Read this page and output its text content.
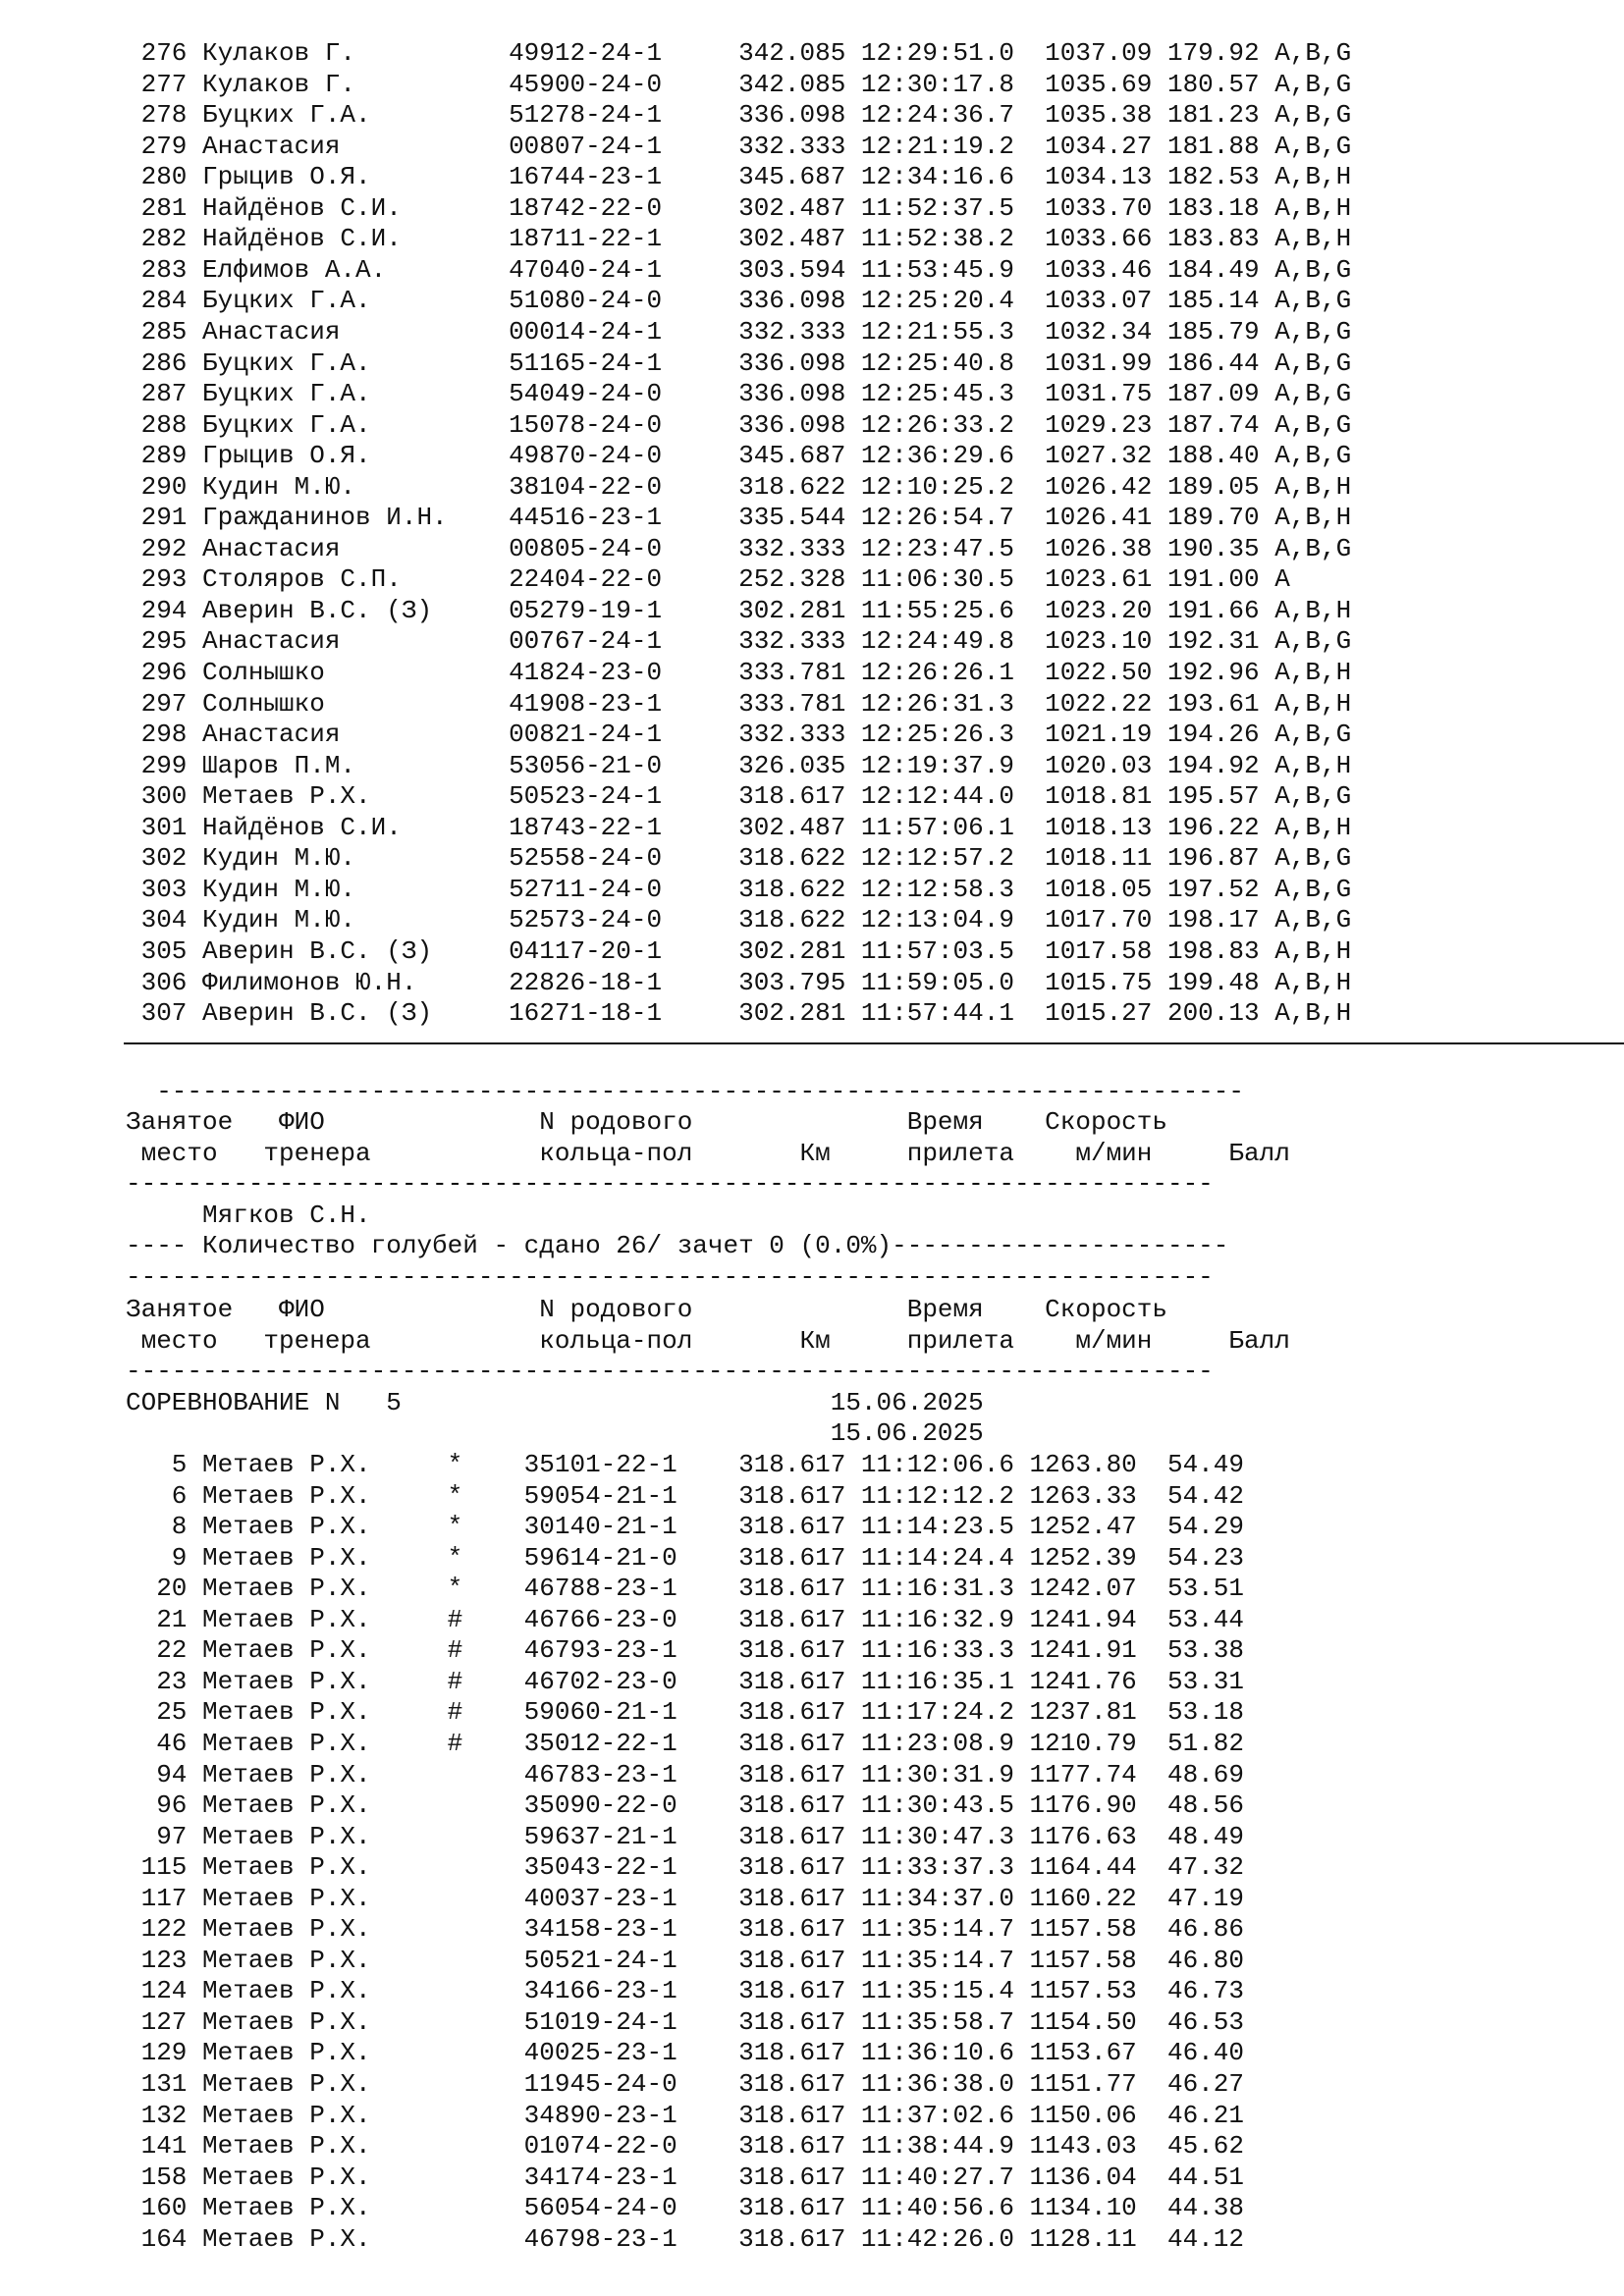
276 Кулаков Г.          49912-24-1     342.085 12:29:51.0  1037.09 179.92 A,B,G
277 Кулаков Г.          45900-24-0     342.085 12:30:17.8  1035.69 180.57 A,B,G
278 Буцких Г.А.         51278-24-1     336.098 12:24:36.7  1035.38 181.23 A,B,G
279 Анастасия           00807-24-1     332.333 12:21:19.2  1034.27 181.88 A,B,G
280 Грыцив О.Я.         16744-23-1     345.687 12:34:16.6  1034.13 182.53 A,B,H
281 Найдёнов С.И.       18742-22-0     302.487 11:52:37.5  1033.70 183.18 A,B,H
282 Найдёнов С.И.       18711-22-1     302.487 11:52:38.2  1033.66 183.83 A,B,H
283 Елфимов А.А.        47040-24-1     303.594 11:53:45.9  1033.46 184.49 A,B,G
284 Буцких Г.А.         51080-24-0     336.098 12:25:20.4  1033.07 185.14 A,B,G
285 Анастасия           00014-24-1     332.333 12:21:55.3  1032.34 185.79 A,B,G
286 Буцких Г.А.         51165-24-1     336.098 12:25:40.8  1031.99 186.44 A,B,G
287 Буцких Г.А.         54049-24-0     336.098 12:25:45.3  1031.75 187.09 A,B,G
288 Буцких Г.А.         15078-24-0     336.098 12:26:33.2  1029.23 187.74 A,B,G
289 Грыцив О.Я.         49870-24-0     345.687 12:36:29.6  1027.32 188.40 A,B,G
290 Кудин М.Ю.          38104-22-0     318.622 12:10:25.2  1026.42 189.05 A,B,H
291 Гражданинов И.Н.    44516-23-1     335.544 12:26:54.7  1026.41 189.70 A,B,H
292 Анастасия           00805-24-0     332.333 12:23:47.5  1026.38 190.35 A,B,G
293 Столяров С.П.       22404-22-0     252.328 11:06:30.5  1023.61 191.00 A
294 Аверин В.С. (З)     05279-19-1     302.281 11:55:25.6  1023.20 191.66 A,B,H
295 Анастасия           00767-24-1     332.333 12:24:49.8  1023.10 192.31 A,B,G
296 Солнышко            41824-23-0     333.781 12:26:26.1  1022.50 192.96 A,B,H
297 Солнышко            41908-23-1     333.781 12:26:31.3  1022.22 193.61 A,B,H
298 Анастасия           00821-24-1     332.333 12:25:26.3  1021.19 194.26 A,B,G
299 Шаров П.М.          53056-21-0     326.035 12:19:37.9  1020.03 194.92 A,B,H
300 Метаев Р.Х.         50523-24-1     318.617 12:12:44.0  1018.81 195.57 A,B,G
301 Найдёнов С.И.       18743-22-1     302.487 11:57:06.1  1018.13 196.22 A,B,H
302 Кудин М.Ю.          52558-24-0     318.622 12:12:57.2  1018.11 196.87 A,B,G
303 Кудин М.Ю.          52711-24-0     318.622 12:12:58.3  1018.05 197.52 A,B,G
304 Кудин М.Ю.          52573-24-0     318.622 12:13:04.9  1017.70 198.17 A,B,G
305 Аверин В.С. (З)     04117-20-1     302.281 11:57:03.5  1017.58 198.83 A,B,H
306 Филимонов Ю.Н.      22826-18-1     303.795 11:59:05.0  1015.75 199.48 A,B,H
307 Аверин В.С. (З)     16271-18-1     302.281 11:57:44.1  1015.27 200.13 A,B,H
-----------------------------------------------------------------------
Занятое   ФИО              N родового              Время    Скорость
место   тренера           кольца-пол       Км     прилета    м/мин     Балл
-----------------------------------------------------------------------
Мягков С.Н.
---- Количество голубей - сдано 26/ зачет 0 (0.0%)----------------------
-----------------------------------------------------------------------
Занятое   ФИО              N родового              Время    Скорость
место   тренера           кольца-пол       Км     прилета    м/мин     Балл
-----------------------------------------------------------------------
СОРЕВНОВАНИЕ N   5                            15.06.2025
15.06.2025
5 Метаев Р.Х.     *    35101-22-1    318.617 11:12:06.6 1263.80  54.49
6 Метаев Р.Х.     *    59054-21-1    318.617 11:12:12.2 1263.33  54.42
8 Метаев Р.Х.     *    30140-21-1    318.617 11:14:23.5 1252.47  54.29
9 Метаев Р.Х.     *    59614-21-0    318.617 11:14:24.4 1252.39  54.23
20 Метаев Р.Х.     *    46788-23-1    318.617 11:16:31.3 1242.07  53.51
21 Метаев Р.Х.     #    46766-23-0    318.617 11:16:32.9 1241.94  53.44
22 Метаев Р.Х.     #    46793-23-1    318.617 11:16:33.3 1241.91  53.38
23 Метаев Р.Х.     #    46702-23-0    318.617 11:16:35.1 1241.76  53.31
25 Метаев Р.Х.     #    59060-21-1    318.617 11:17:24.2 1237.81  53.18
46 Метаев Р.Х.     #    35012-22-1    318.617 11:23:08.9 1210.79  51.82
94 Метаев Р.Х.          46783-23-1    318.617 11:30:31.9 1177.74  48.69
96 Метаев Р.Х.          35090-22-0    318.617 11:30:43.5 1176.90  48.56
97 Метаев Р.Х.          59637-21-1    318.617 11:30:47.3 1176.63  48.49
115 Метаев Р.Х.          35043-22-1    318.617 11:33:37.3 1164.44  47.32
117 Метаев Р.Х.          40037-23-1    318.617 11:34:37.0 1160.22  47.19
122 Метаев Р.Х.          34158-23-1    318.617 11:35:14.7 1157.58  46.86
123 Метаев Р.Х.          50521-24-1    318.617 11:35:14.7 1157.58  46.80
124 Метаев Р.Х.          34166-23-1    318.617 11:35:15.4 1157.53  46.73
127 Метаев Р.Х.          51019-24-1    318.617 11:35:58.7 1154.50  46.53
129 Метаев Р.Х.          40025-23-1    318.617 11:36:10.6 1153.67  46.40
131 Метаев Р.Х.          11945-24-0    318.617 11:36:38.0 1151.77  46.27
132 Метаев Р.Х.          34890-23-1    318.617 11:37:02.6 1150.06  46.21
141 Метаев Р.Х.          01074-22-0    318.617 11:38:44.9 1143.03  45.62
158 Метаев Р.Х.          34174-23-1    318.617 11:40:27.7 1136.04  44.51
160 Метаев Р.Х.          56054-24-0    318.617 11:40:56.6 1134.10  44.38
164 Метаев Р.Х.          46798-23-1    318.617 11:42:26.0 1128.11  44.12
